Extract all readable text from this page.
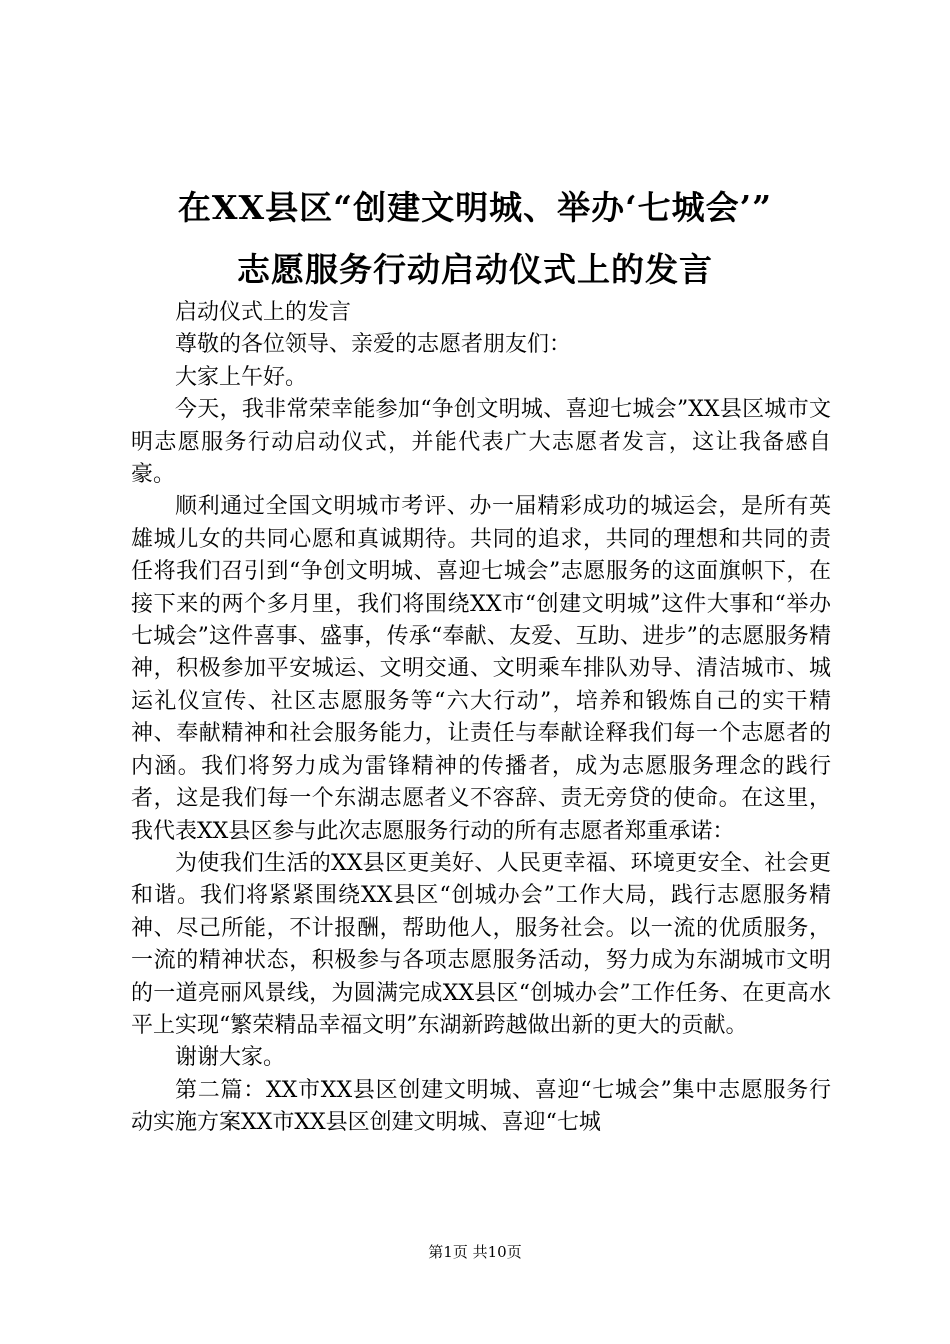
在XX县区“创建文明城、举办‘七城会’”
志愿服务行动启动仪式上的发言

启动仪式上的发言

尊敬的各位领导、亲爱的志愿者朋友们：

大家上午好。

今天，我非常荣幸能参加“争创文明城、喜迎七城会”XX县区城市文明志愿服务行动启动仪式，并能代表广大志愿者发言，这让我备感自豪。

顺利通过全国文明城市考评、办一届精彩成功的城运会，是所有英雄城儿女的共同心愿和真诚期待。共同的追求，共同的理想和共同的责任将我们召引到“争创文明城、喜迎七城会”志愿服务的这面旗帜下，在接下来的两个多月里，我们将围绕XX市“创建文明城”这件大事和“举办七城会”这件喜事、盛事，传承“奉献、友爱、互助、进步”的志愿服务精神，积极参加平安城运、文明交通、文明乘车排队劝导、清洁城市、城运礼仪宣传、社区志愿服务等“六大行动”，培养和锻炼自己的实干精神、奉献精神和社会服务能力，让责任与奉献诠释我们每一个志愿者的内涵。我们将努力成为雷锋精神的传播者，成为志愿服务理念的践行者，这是我们每一个东湖志愿者义不容辞、责无旁贷的使命。在这里，我代表XX县区参与此次志愿服务行动的所有志愿者郑重承诺：

为使我们生活的XX县区更美好、人民更幸福、环境更安全、社会更和谐。我们将紧紧围绕XX县区“创城办会”工作大局，践行志愿服务精神、尽己所能，不计报酬，帮助他人，服务社会。以一流的优质服务，一流的精神状态，积极参与各项志愿服务活动，努力成为东湖城市文明的一道亮丽风景线，为圆满完成XX县区“创城办会”工作任务、在更高水平上实现“繁荣精品幸福文明”东湖新跨越做出新的更大的贡献。

谢谢大家。

第二篇：XX市XX县区创建文明城、喜迎“七城会”集中志愿服务行动实施方案XX市XX县区创建文明城、喜迎“七城

第1页 共10页
